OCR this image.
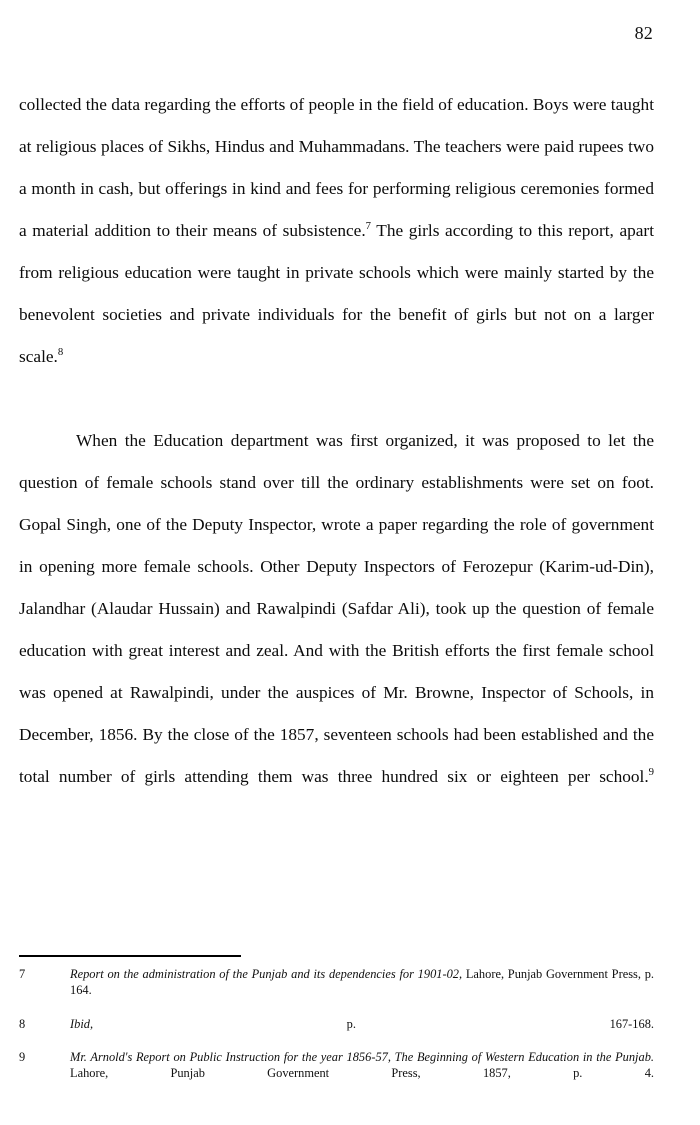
82

collected the data regarding the efforts of people in the field of education. Boys were taught at religious places of Sikhs, Hindus and Muhammadans. The teachers were paid rupees two a month in cash, but offerings in kind and fees for performing religious ceremonies formed a material addition to their means of subsistence.$^7$ The girls according to this report, apart from religious education were taught in private schools which were mainly started by the benevolent societies and private individuals for the benefit of girls but not on a larger scale.$^8$

When the Education department was first organized, it was proposed to let the question of female schools stand over till the ordinary establishments were set on foot. Gopal Singh, one of the Deputy Inspector, wrote a paper regarding the role of government in opening more female schools. Other Deputy Inspectors of Ferozepur (Karim-ud-Din), Jalandhar (Alaudar Hussain) and Rawalpindi (Safdar Ali), took up the question of female education with great interest and zeal. And with the British efforts the first female school was opened at Rawalpindi, under the auspices of Mr. Browne, Inspector of Schools, in December, 1856. By the close of the 1857, seventeen schools had been established and the total number of girls attending them was three hundred six or eighteen per school.$^9$

7	Report on the administration of the Punjab and its dependencies for 1901-02, Lahore, Punjab Government Press, p. 164.
8	Ibid, p. 167-168.
9	Mr. Arnold's Report on Public Instruction for the year 1856-57, The Beginning of Western Education in the Punjab. Lahore, Punjab Government Press, 1857, p. 4.
